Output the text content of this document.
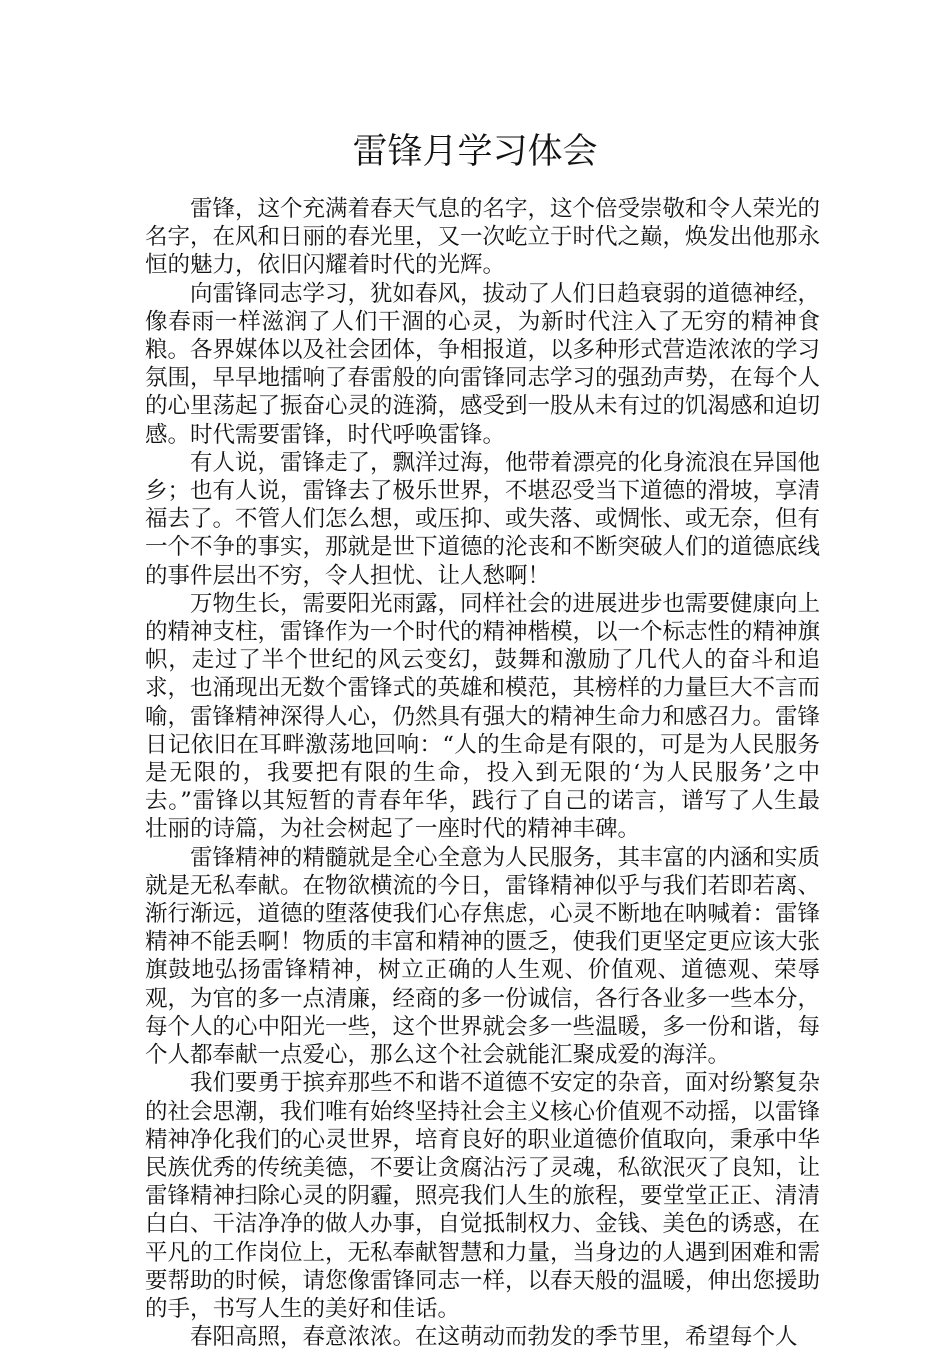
雷锋月学习体会

雷锋，这个充满着春天气息的名字，这个倍受崇敬和令人荣光的名字，在风和日丽的春光里，又一次屹立于时代之巅，焕发出他那永恒的魅力，依旧闪耀着时代的光辉。

向雷锋同志学习，犹如春风，拔动了人们日趋衰弱的道德神经，像春雨一样滋润了人们干涸的心灵，为新时代注入了无穷的精神食粮。各界媒体以及社会团体，争相报道，以多种形式营造浓浓的学习氛围，早早地擂响了春雷般的向雷锋同志学习的强劲声势，在每个人的心里荡起了振奋心灵的涟漪，感受到一股从未有过的饥渴感和迫切感。时代需要雷锋，时代呼唤雷锋。

有人说，雷锋走了，飘洋过海，他带着漂亮的化身流浪在异国他乡；也有人说，雷锋去了极乐世界，不堪忍受当下道德的滑坡，享清福去了。不管人们怎么想，或压抑、或失落、或惆怅、或无奈，但有一个不争的事实，那就是世下道德的沦丧和不断突破人们的道德底线的事件层出不穷，令人担忧、让人愁啊！

万物生长，需要阳光雨露，同样社会的进展进步也需要健康向上的精神支柱，雷锋作为一个时代的精神楷模，以一个标志性的精神旗帜，走过了半个世纪的风云变幻，鼓舞和激励了几代人的奋斗和追求，也涌现出无数个雷锋式的英雄和模范，其榜样的力量巨大不言而喻，雷锋精神深得人心，仍然具有强大的精神生命力和感召力。雷锋日记依旧在耳畔激荡地回响：“人的生命是有限的，可是为人民服务是无限的，我要把有限的生命，投入到无限的‘为人民服务’之中去。”雷锋以其短暂的青春年华，践行了自己的诺言，谱写了人生最壮丽的诗篇，为社会树起了一座时代的精神丰碑。

雷锋精神的精髓就是全心全意为人民服务，其丰富的内涵和实质就是无私奉献。在物欲横流的今日，雷锋精神似乎与我们若即若离、渐行渐远，道德的堕落使我们心存焦虑，心灵不断地在呐喊着：雷锋精神不能丢啊！物质的丰富和精神的匮乏，使我们更坚定更应该大张旗鼓地弘扬雷锋精神，树立正确的人生观、价值观、道德观、荣辱观，为官的多一点清廉，经商的多一份诚信，各行各业多一些本分，每个人的心中阳光一些，这个世界就会多一些温暖，多一份和谐，每个人都奉献一点爱心，那么这个社会就能汇聚成爱的海洋。

我们要勇于摈弃那些不和谐不道德不安定的杂音，面对纷繁复杂的社会思潮，我们唯有始终坚持社会主义核心价值观不动摇，以雷锋精神净化我们的心灵世界，培育良好的职业道德价值取向，秉承中华民族优秀的传统美德，不要让贪腐沾污了灵魂，私欲泯灭了良知，让雷锋精神扫除心灵的阴霾，照亮我们人生的旅程，要堂堂正正、清清白白、干洁净净的做人办事，自觉抵制权力、金钱、美色的诱惑，在平凡的工作岗位上，无私奉献智慧和力量，当身边的人遇到困难和需要帮助的时候，请您像雷锋同志一样，以春天般的温暖，伸出您援助的手，书写人生的美好和佳话。

春阳高照，春意浓浓。在这萌动而勃发的季节里，希望每个人
